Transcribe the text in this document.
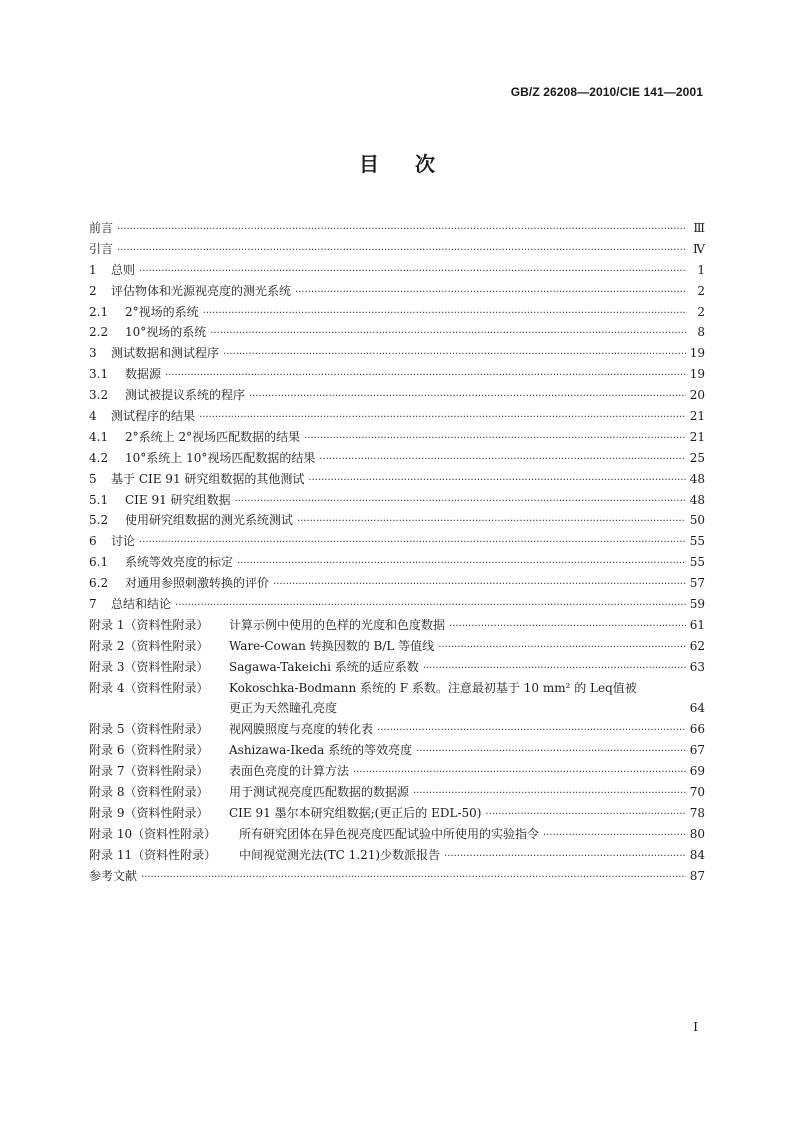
GB/Z 26208—2010/CIE 141—2001
目 次
前言 ·····	Ⅲ
引言 ·····	Ⅳ
1	总则 ·····	1
2	评估物体和光源视亮度的测光系统 ·····	2
2.1	2°视场的系统 ·····	2
2.2	10°视场的系统 ·····	8
3	测试数据和测试程序 ·····	19
3.1	数据源 ·····	19
3.2	测试被提议系统的程序 ·····	20
4	测试程序的结果 ·····	21
4.1	2°系统上 2°视场匹配数据的结果 ·····	21
4.2	10°系统上 10°视场匹配数据的结果 ·····	25
5	基于 CIE 91 研究组数据的其他测试 ·····	48
5.1	CIE 91 研究组数据 ·····	48
5.2	使用研究组数据的测光系统测试 ·····	50
6	讨论 ·····	55
6.1	系统等效亮度的标定 ·····	55
6.2	对通用参照刺激转换的评价 ·····	57
7	总结和结论 ·····	59
附录 1（资料性附录）	计算示例中使用的色样的光度和色度数据 ·····	61
附录 2（资料性附录）	Ware-Cowan 转换因数的 B/L 等值线 ·····	62
附录 3（资料性附录）	Sagawa-Takeichi 系统的适应系数 ·····	63
附录 4（资料性附录）	Kokoschka-Bodmann 系统的 F 系数。注意最初基于 10 mm² 的 Leq值被
更正为天然瞳孔亮度	64
附录 5（资料性附录）	视网膜照度与亮度的转化表 ·····	66
附录 6（资料性附录）	Ashizawa-Ikeda 系统的等效亮度 ·····	67
附录 7（资料性附录）	表面色亮度的计算方法 ·····	69
附录 8（资料性附录）	用于测试视亮度匹配数据的数据源 ·····	70
附录 9（资料性附录）	CIE 91 墨尔本研究组数据;(更正后的 EDL-50) ·····	78
附录 10（资料性附录）	所有研究团体在异色视亮度匹配试验中所使用的实验指令 ·····	80
附录 11（资料性附录）	中间视觉测光法(TC 1.21)少数派报告 ·····	84
参考文献 ·····	87
I
